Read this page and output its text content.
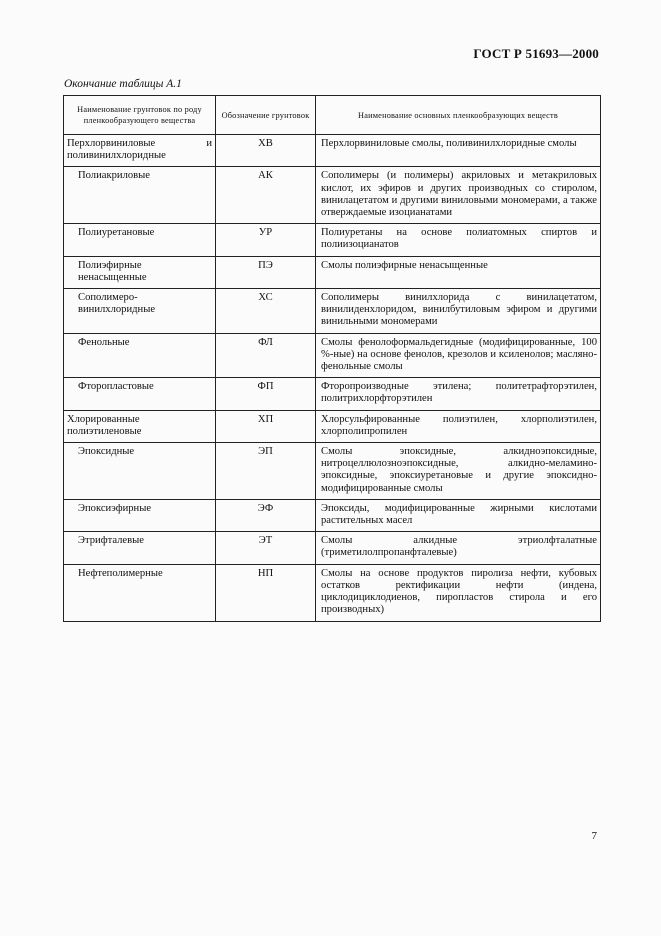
ГОСТ Р 51693—2000
Окончание таблицы А.1
Наименование грунтовок по роду пленкообразующего вещества	Обозначение грунтовок	Наименование основных пленкообразующих веществ
Перхлорвиниловые и поливинилхлоридные	ХВ	Перхлорвиниловые смолы, поливинилхлоридные смолы
Полиакриловые	АК	Сополимеры (и полимеры) акриловых и метакриловых кислот, их эфиров и других производных со стиролом, винилацетатом и другими виниловыми мономерами, а также отверждаемые изоцианатами
Полиуретановые	УР	Полиуретаны на основе полиатомных спиртов и полиизоцианатов
Полиэфирные ненасыщенные	ПЭ	Смолы полиэфирные ненасыщенные
Сополимеро-винилхлоридные	ХС	Сополимеры винилхлорида с винилацетатом, винилиденхлоридом, винилбутиловым эфиром и другими винильными мономерами
Фенольные	ФЛ	Смолы фенолоформальдегидные (модифицированные, 100 %-ные) на основе фенолов, крезолов и ксиленолов; масляно-фенольные смолы
Фторопластовые	ФП	Фторопроизводные этилена; политетрафторэтилен, политрихлорфторэтилен
Хлорированные полиэтиленовые	ХП	Хлорсульфированные полиэтилен, хлорполиэтилен, хлорполипропилен
Эпоксидные	ЭП	Смолы эпоксидные, алкидноэпоксидные, нитроцеллюлозноэпоксидные, алкидно-меламино-эпоксидные, эпоксиуретановые и другие эпоксидно-модифицированные смолы
Эпоксиэфирные	ЭФ	Эпоксиды, модифицированные жирными кислотами растительных масел
Этрифталевые	ЭТ	Смолы алкидные этриолфталатные (триметилолпропанфталевые)
Нефтеполимерные	НП	Смолы на основе продуктов пиролиза нефти, кубовых остатков ректификации нефти (индена, циклодициклодиенов, пиропластов стирола и его производных)
7
